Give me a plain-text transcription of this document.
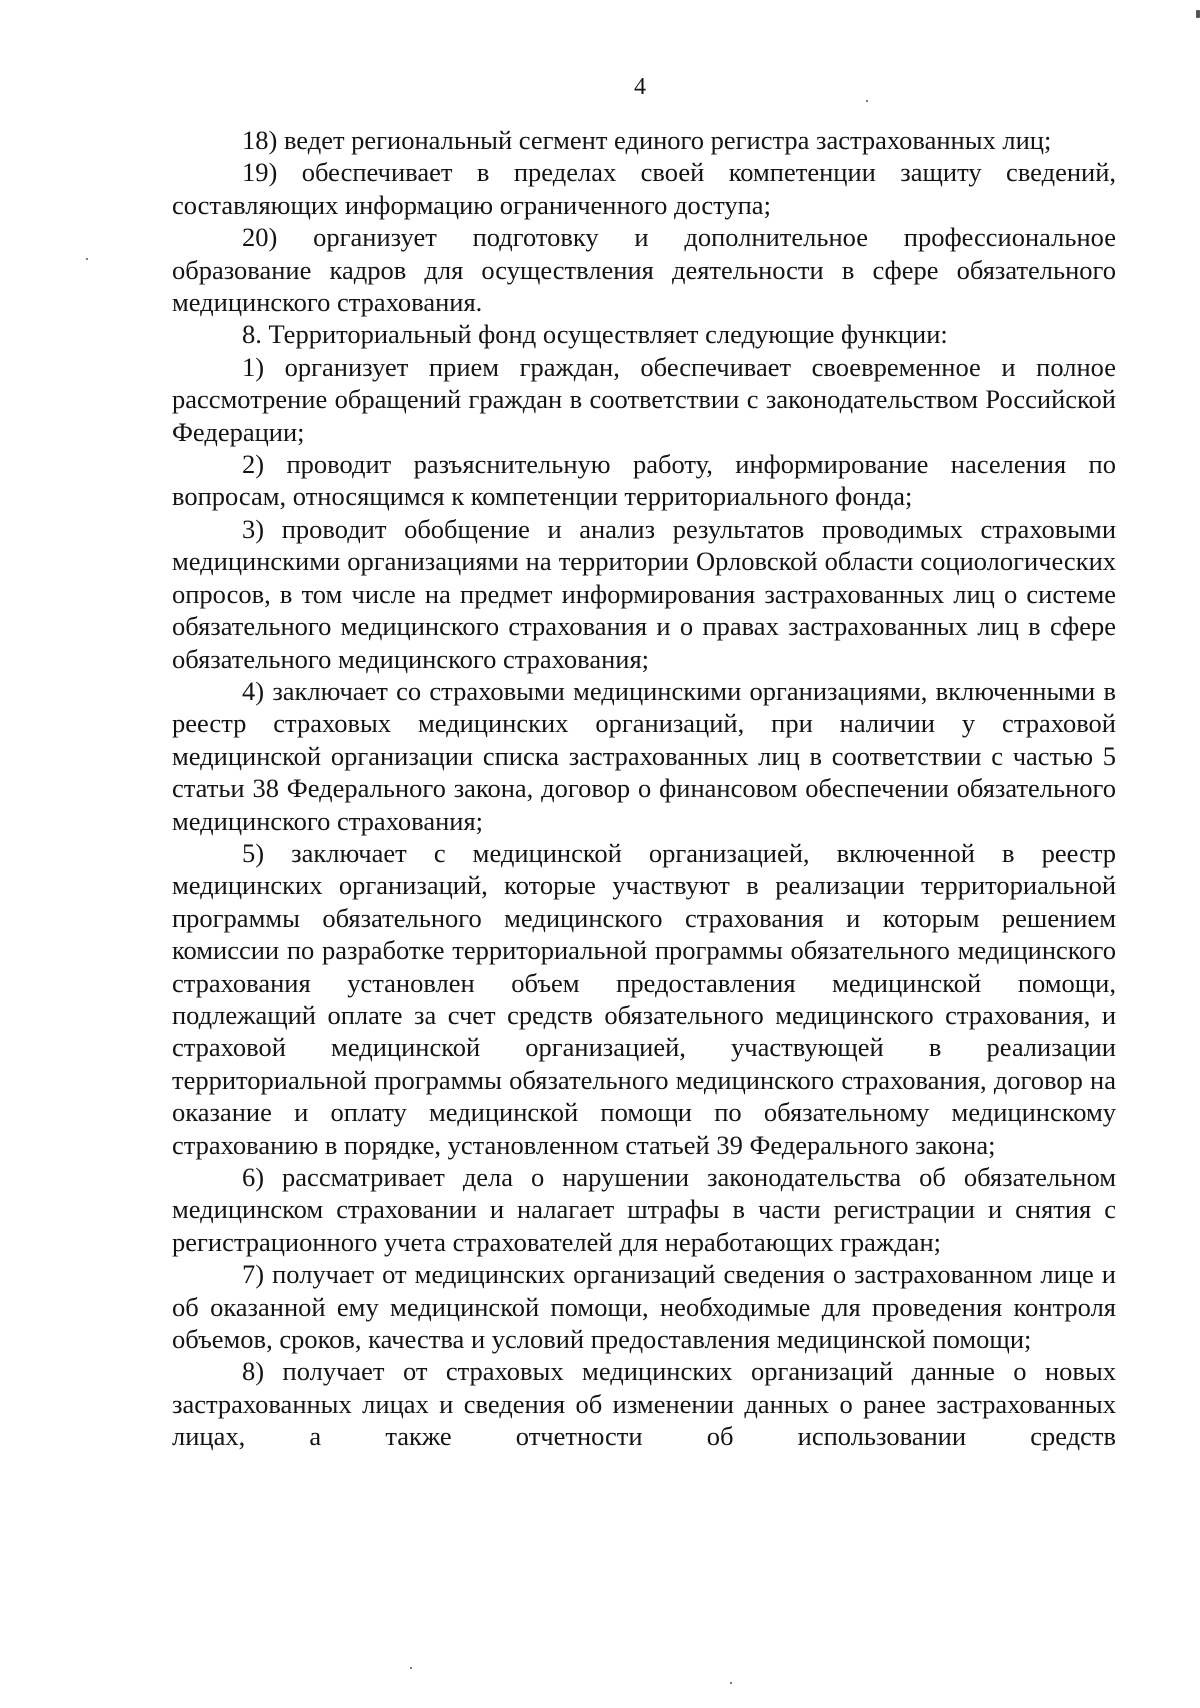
4

18) ведет региональный сегмент единого регистра застрахованных лиц;

19) обеспечивает в пределах своей компетенции защиту сведений, составляющих информацию ограниченного доступа;

20) организует подготовку и дополнительное профессиональное образование кадров для осуществления деятельности в сфере обязательного медицинского страхования.

8. Территориальный фонд осуществляет следующие функции:

1) организует прием граждан, обеспечивает своевременное и полное рассмотрение обращений граждан в соответствии с законодательством Российской Федерации;

2) проводит разъяснительную работу, информирование населения по вопросам, относящимся к компетенции территориального фонда;

3) проводит обобщение и анализ результатов проводимых страховыми медицинскими организациями на территории Орловской области социологических опросов, в том числе на предмет информирования застрахованных лиц о системе обязательного медицинского страхования и о правах застрахованных лиц в сфере обязательного медицинского страхования;

4) заключает со страховыми медицинскими организациями, включенными в реестр страховых медицинских организаций, при наличии у страховой медицинской организации списка застрахованных лиц в соответствии с частью 5 статьи 38 Федерального закона, договор о финансовом обеспечении обязательного медицинского страхования;

5) заключает с медицинской организацией, включенной в реестр медицинских организаций, которые участвуют в реализации территориальной программы обязательного медицинского страхования и которым решением комиссии по разработке территориальной программы обязательного медицинского страхования установлен объем предоставления медицинской помощи, подлежащий оплате за счет средств обязательного медицинского страхования, и страховой медицинской организацией, участвующей в реализации территориальной программы обязательного медицинского страхования, договор на оказание и оплату медицинской помощи по обязательному медицинскому страхованию в порядке, установленном статьей 39 Федерального закона;

6) рассматривает дела о нарушении законодательства об обязательном медицинском страховании и налагает штрафы в части регистрации и снятия с регистрационного учета страхователей для неработающих граждан;

7) получает от медицинских организаций сведения о застрахованном лице и об оказанной ему медицинской помощи, необходимые для проведения контроля объемов, сроков, качества и условий предоставления медицинской помощи;

8) получает от страховых медицинских организаций данные о новых застрахованных лицах и сведения об изменении данных о ранее застрахованных лицах, а также отчетности об использовании средств
